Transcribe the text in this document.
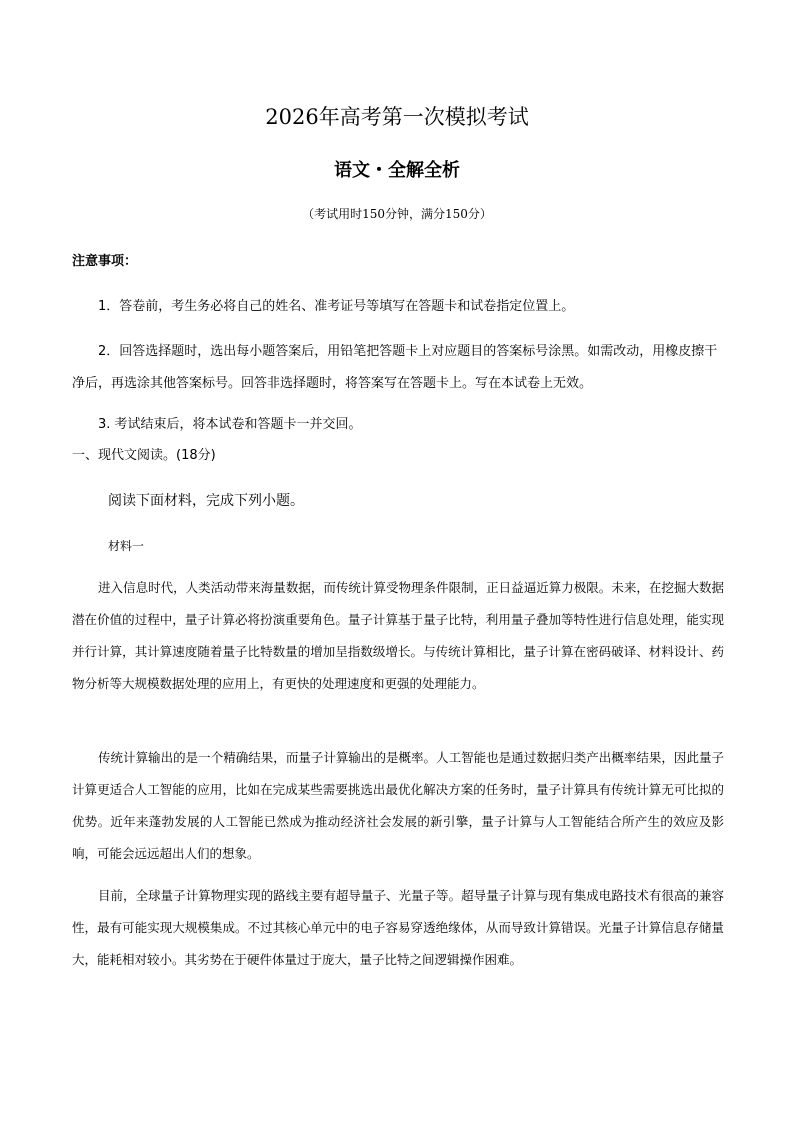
2026年高考第一次模拟考试
语文・全解全析
（考试用时150分钟，满分150分）
注意事项：
1．答卷前，考生务必将自己的姓名、准考证号等填写在答题卡和试卷指定位置上。
2．回答选择题时，选出每小题答案后，用铅笔把答题卡上对应题目的答案标号涂黑。如需改动，用橡皮擦干净后，再选涂其他答案标号。回答非选择题时，将答案写在答题卡上。写在本试卷上无效。
3. 考试结束后，将本试卷和答题卡一并交回。
一、现代文阅读。(18分)
阅读下面材料，完成下列小题。
材料一
进入信息时代，人类活动带来海量数据，而传统计算受物理条件限制，正日益逼近算力极限。未来，在挖掘大数据潜在价值的过程中，量子计算必将扮演重要角色。量子计算基于量子比特，利用量子叠加等特性进行信息处理，能实现并行计算，其计算速度随着量子比特数量的增加呈指数级增长。与传统计算相比，量子计算在密码破译、材料设计、药物分析等大规模数据处理的应用上，有更快的处理速度和更强的处理能力。
传统计算输出的是一个精确结果，而量子计算输出的是概率。人工智能也是通过数据归类产出概率结果，因此量子计算更适合人工智能的应用，比如在完成某些需要挑选出最优化解决方案的任务时，量子计算具有传统计算无可比拟的优势。近年来蓬勃发展的人工智能已然成为推动经济社会发展的新引擎，量子计算与人工智能结合所产生的效应及影响，可能会远远超出人们的想象。
目前，全球量子计算物理实现的路线主要有超导量子、光量子等。超导量子计算与现有集成电路技术有很高的兼容性，最有可能实现大规模集成。不过其核心单元中的电子容易穿透绝缘体，从而导致计算错误。光量子计算信息存储量大，能耗相对较小。其劣势在于硬件体量过于庞大，量子比特之间逻辑操作困难。
